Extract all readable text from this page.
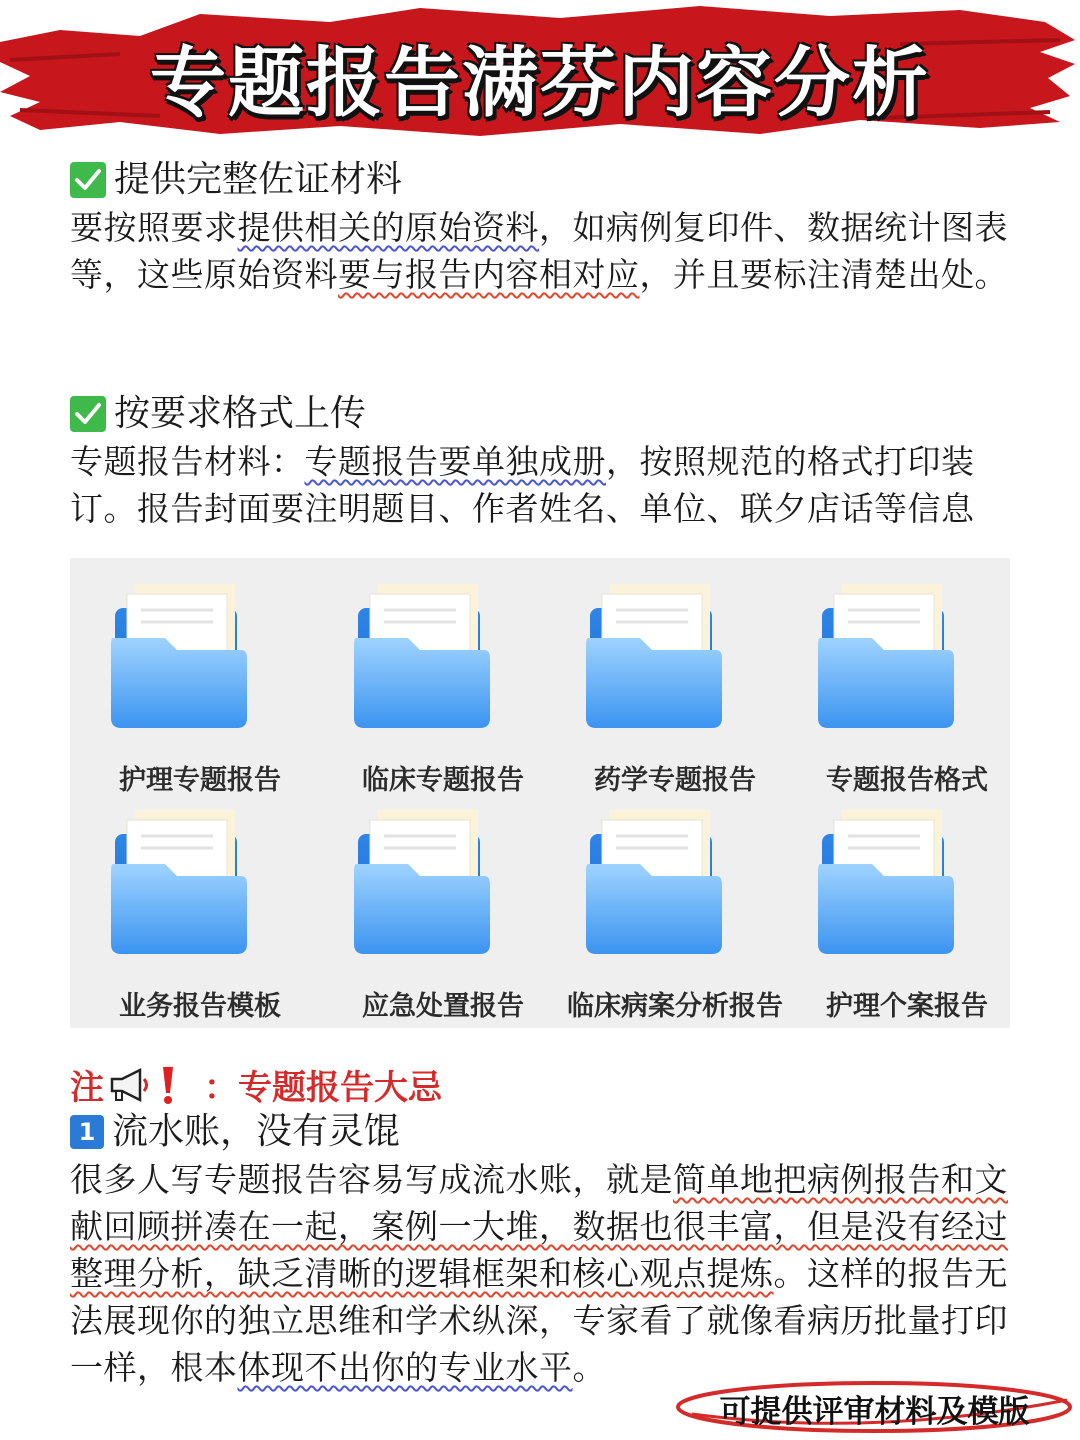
专题报告满芬内容分析
提供完整佐证材料
要按照要求提供相关的原始资料，如病例复印件、数据统计图表等，这些原始资料要与报告内容相对应，并且要标注清楚出处。
按要求格式上传
专题报告材料：专题报告要单独成册，按照规范的格式打印装订。报告封面要注明题目、作者姓名、单位、联夕店话等信息
护理专题报告	临床专题报告	药学专题报告	专题报告格式
业务报告模板	应急处置报告	临床病案分析报告	护理个案报告
注	：专题报告大忌
1 流水账，没有灵馄
很多人写专题报告容易写成流水账，就是简单地把病例报告和文献回顾拼凑在一起，案例一大堆，数据也很丰富，但是没有经过整理分析，缺乏清晰的逻辑框架和核心观点提炼。这样的报告无法展现你的独立思维和学术纵深，专家看了就像看病历批量打印一样，根本体现不出你的专业水平。
可提供评审材料及模版
